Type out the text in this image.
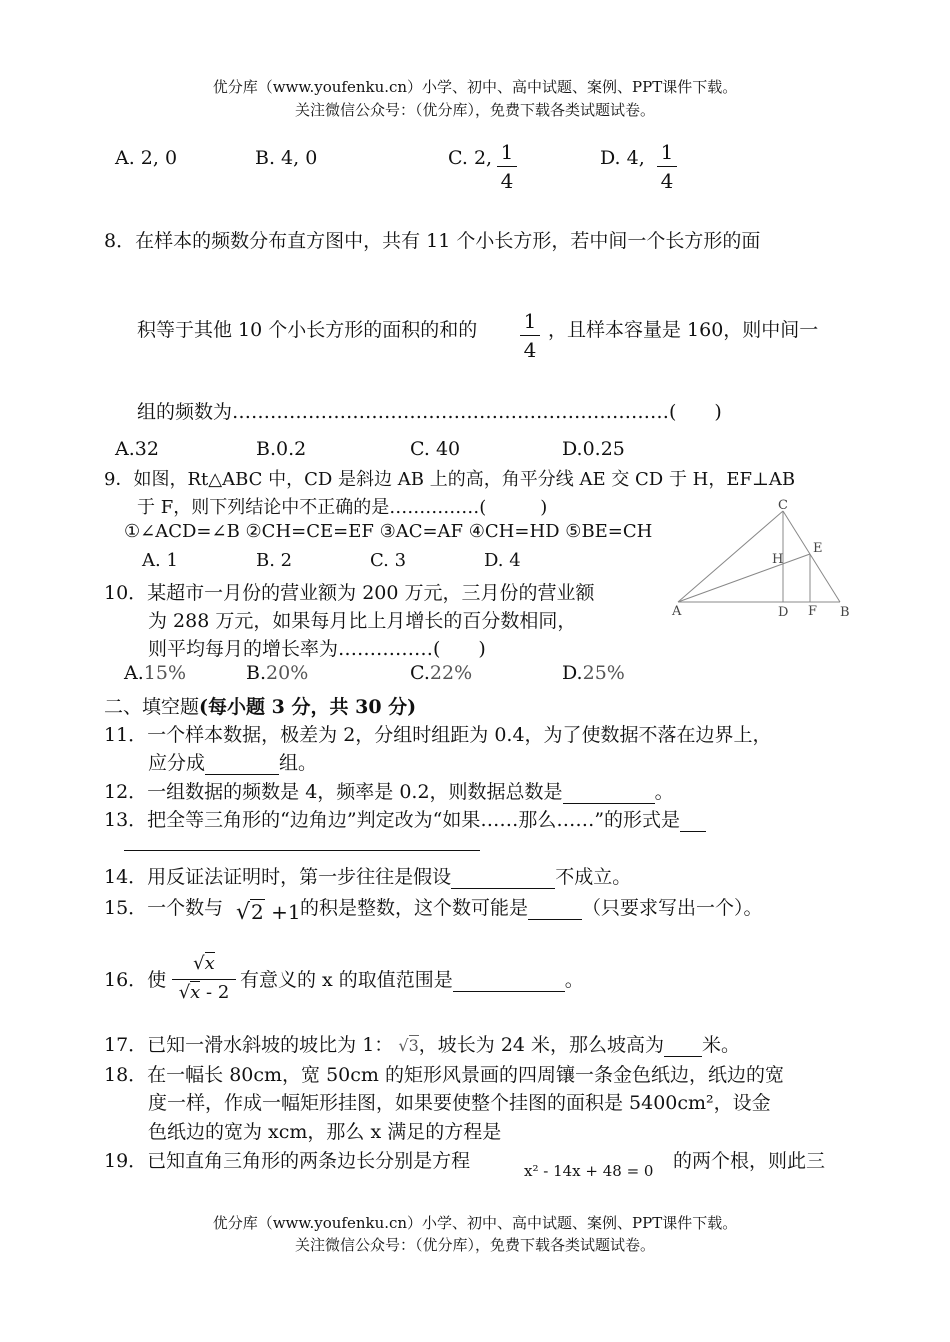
优分库（www.youfenku.cn）小学、初中、高中试题、案例、PPT课件下载。
关注微信公众号：（优分库），免费下载各类试题试卷。
A. 2, 0	B. 4, 0	C. 2, 1
4
D. 4, 1
4
8．在样本的频数分布直方图中，共有 11 个小长方形，若中间一个长方形的面
积等于其他 10 个小长方形的面积的和的 1
4
，且样本容量是 160，则中间一
组的频数为……………………………………………………………(　　)
A.32	B.0.2	C. 40	D.0.25
9．如图，Rt△ABC 中，CD 是斜边 AB 上的高，角平分线 AE 交 CD 于 H，EF⊥AB
于 F，则下列结论中不正确的是……………(　　　)
①∠ACD=∠B ②CH=CE=EF ③AC=AF ④CH=HD ⑤BE=CH
A. 1	B. 2	C. 3	D. 4
C
H
E
A	D F B
10．某超市一月份的营业额为 200 万元，三月份的营业额
为 288 万元，如果每月比上月增长的百分数相同，
则平均每月的增长率为……………(　　)
A.15%	B.20%	C.22%	D.25%
二、填空题(每小题 3 分，共 30 分)
11．一个样本数据，极差为 2，分组时组距为 0.4，为了使数据不落在边界上，
应分成	组。
12．一组数据的频数是 4，频率是 0.2，则数据总数是	。
13．把全等三角形的“边角边”判定改为“如果……那么……”的形式是
14．用反证法证明时，第一步往往是假设	不成立。
15．一个数与 √2 +1 的积是整数，这个数可能是	（只要求写出一个）。
16．使
√x
√x - 2
有意义的 x 的取值范围是	。
17．已知一滑水斜坡的坡比为 1： √3，坡长为 24 米，那么坡高为 米。
18．在一幅长 80cm，宽 50cm 的矩形风景画的四周镶一条金色纸边，纸边的宽
度一样，作成一幅矩形挂图，如果要使整个挂图的面积是 5400cm²，设金
色纸边的宽为 xcm，那么 x 满足的方程是
19．已知直角三角形的两条边长分别是方程	x² - 14x + 48 = 0 的两个根，则此三
优分库（www.youfenku.cn）小学、初中、高中试题、案例、PPT课件下载。
关注微信公众号：（优分库），免费下载各类试题试卷。
